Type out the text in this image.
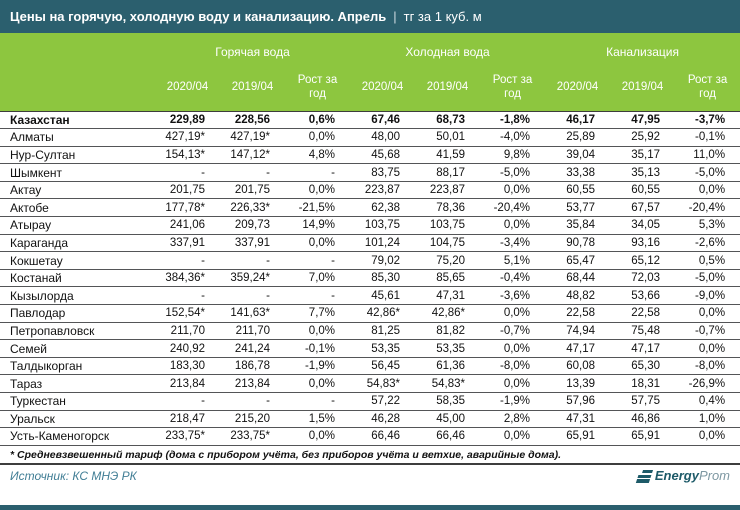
Цены на горячую, холодную воду и канализацию. Апрель | тг за 1 куб. м
	Горячая вода			Холодная вода			Канализация		
	2020/04	2019/04	Рост за год	2020/04	2019/04	Рост за год	2020/04	2019/04	Рост за год
Казахстан	229,89	228,56	0,6%	67,46	68,73	-1,8%	46,17	47,95	-3,7%
Алматы	427,19*	427,19*	0,0%	48,00	50,01	-4,0%	25,89	25,92	-0,1%
Нур-Султан	154,13*	147,12*	4,8%	45,68	41,59	9,8%	39,04	35,17	11,0%
Шымкент	-	-	-	83,75	88,17	-5,0%	33,38	35,13	-5,0%
Актау	201,75	201,75	0,0%	223,87	223,87	0,0%	60,55	60,55	0,0%
Актобе	177,78*	226,33*	-21,5%	62,38	78,36	-20,4%	53,77	67,57	-20,4%
Атырау	241,06	209,73	14,9%	103,75	103,75	0,0%	35,84	34,05	5,3%
Караганда	337,91	337,91	0,0%	101,24	104,75	-3,4%	90,78	93,16	-2,6%
Кокшетау	-	-	-	79,02	75,20	5,1%	65,47	65,12	0,5%
Костанай	384,36*	359,24*	7,0%	85,30	85,65	-0,4%	68,44	72,03	-5,0%
Кызылорда	-	-	-	45,61	47,31	-3,6%	48,82	53,66	-9,0%
Павлодар	152,54*	141,63*	7,7%	42,86*	42,86*	0,0%	22,58	22,58	0,0%
Петропавловск	211,70	211,70	0,0%	81,25	81,82	-0,7%	74,94	75,48	-0,7%
Семей	240,92	241,24	-0,1%	53,35	53,35	0,0%	47,17	47,17	0,0%
Талдыкорган	183,30	186,78	-1,9%	56,45	61,36	-8,0%	60,08	65,30	-8,0%
Тараз	213,84	213,84	0,0%	54,83*	54,83*	0,0%	13,39	18,31	-26,9%
Туркестан	-	-	-	57,22	58,35	-1,9%	57,96	57,75	0,4%
Уральск	218,47	215,20	1,5%	46,28	45,00	2,8%	47,31	46,86	1,0%
Усть-Каменогорск	233,75*	233,75*	0,0%	66,46	66,46	0,0%	65,91	65,91	0,0%
* Средневзвешенный тариф (дома с прибором учёта, без приборов учёта и ветхие, аварийные дома).
Источник: КС МНЭ РК	Energy Prom
